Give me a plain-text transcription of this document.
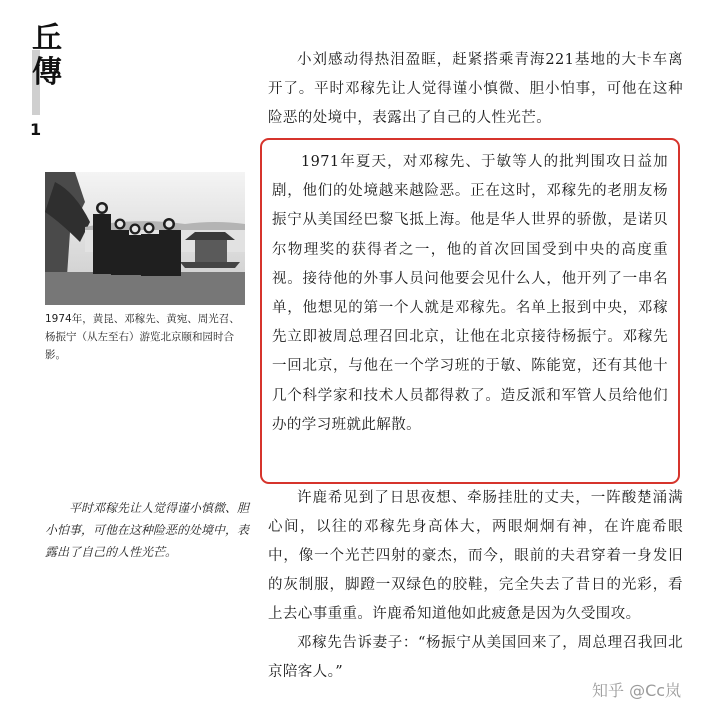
丘
傳
1

1974年，黄昆、邓稼先、黄宛、周光召、杨振宁（从左至右）游览北京颐和园时合影。

平时邓稼先让人觉得谨小慎微、胆小怕事，可他在这种险恶的处境中，表露出了自己的人性光芒。

小刘感动得热泪盈眶，赶紧搭乘青海221基地的大卡车离开了。平时邓稼先让人觉得谨小慎微、胆小怕事，可他在这种险恶的处境中，表露出了自己的人性光芒。

1971年夏天，对邓稼先、于敏等人的批判围攻日益加剧，他们的处境越来越险恶。正在这时，邓稼先的老朋友杨振宁从美国经巴黎飞抵上海。他是华人世界的骄傲，是诺贝尔物理奖的获得者之一，他的首次回国受到中央的高度重视。接待他的外事人员问他要会见什么人，他开列了一串名单，他想见的第一个人就是邓稼先。名单上报到中央，邓稼先立即被周总理召回北京，让他在北京接待杨振宁。邓稼先一回北京，与他在一个学习班的于敏、陈能宽，还有其他十几个科学家和技术人员都得救了。造反派和军管人员给他们办的学习班就此解散。

许鹿希见到了日思夜想、牵肠挂肚的丈夫，一阵酸楚涌满心间，以往的邓稼先身高体大，两眼炯炯有神，在许鹿希眼中，像一个光芒四射的豪杰，而今，眼前的夫君穿着一身发旧的灰制服，脚蹬一双绿色的胶鞋，完全失去了昔日的光彩，看上去心事重重。许鹿希知道他如此疲惫是因为久受围攻。

邓稼先告诉妻子：“杨振宁从美国回来了，周总理召我回北京陪客人。”

知乎 @Cc岚
